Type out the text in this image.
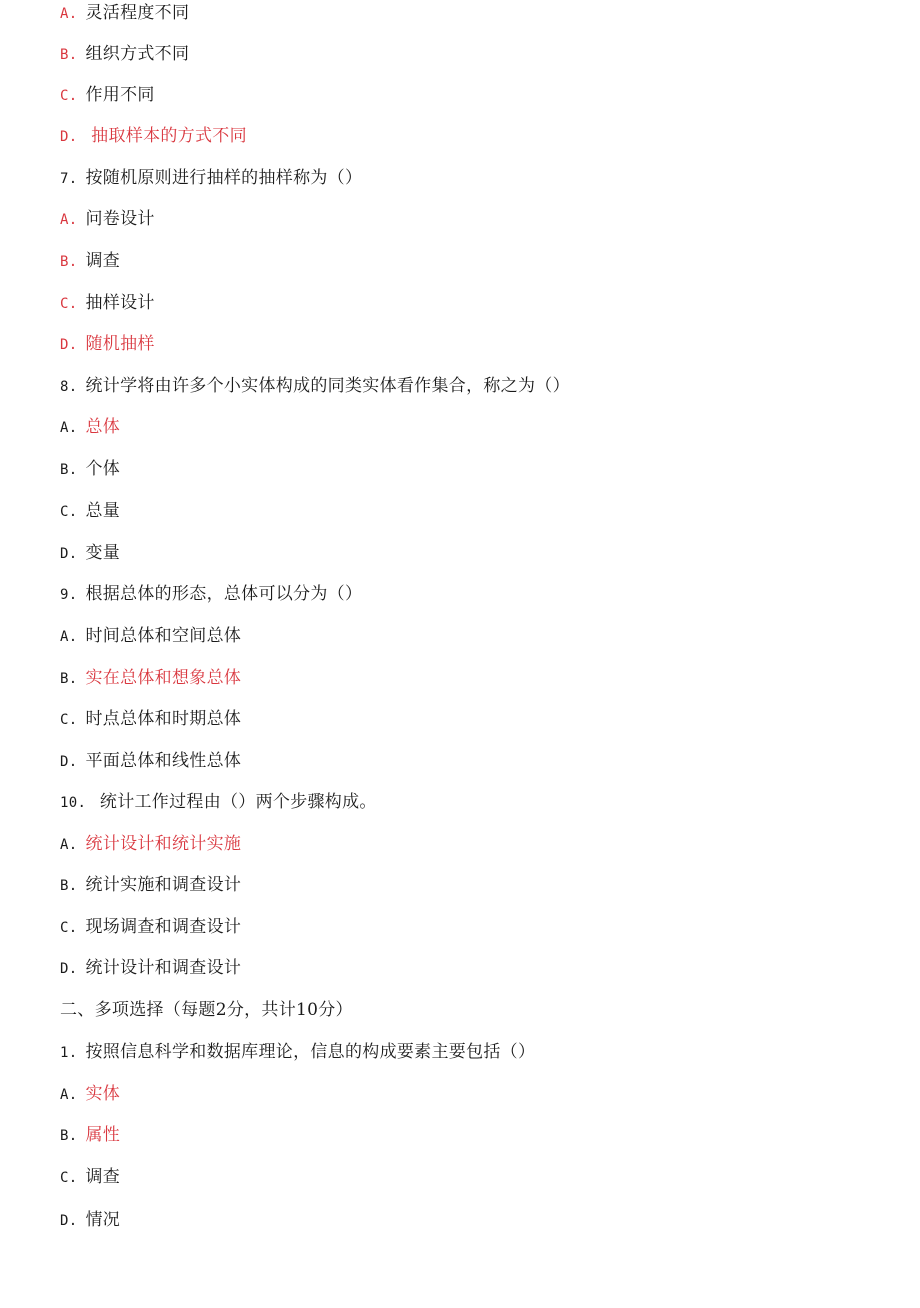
A. 灵活程度不同
B. 组织方式不同
C. 作用不同
D. 抽取样本的方式不同
7. 按随机原则进行抽样的抽样称为（）
A. 问卷设计
B. 调查
C. 抽样设计
D. 随机抽样
8. 统计学将由许多个小实体构成的同类实体看作集合，称之为（）
A. 总体
B. 个体
C. 总量
D. 变量
9. 根据总体的形态，总体可以分为（）
A. 时间总体和空间总体
B. 实在总体和想象总体
C. 时点总体和时期总体
D. 平面总体和线性总体
10. 统计工作过程由（）两个步骤构成。
A. 统计设计和统计实施
B. 统计实施和调查设计
C. 现场调查和调查设计
D. 统计设计和调查设计
二、多项选择（每题2分，共计10分）
1. 按照信息科学和数据库理论，信息的构成要素主要包括（）
A. 实体
B. 属性
C. 调查
D. 情况
